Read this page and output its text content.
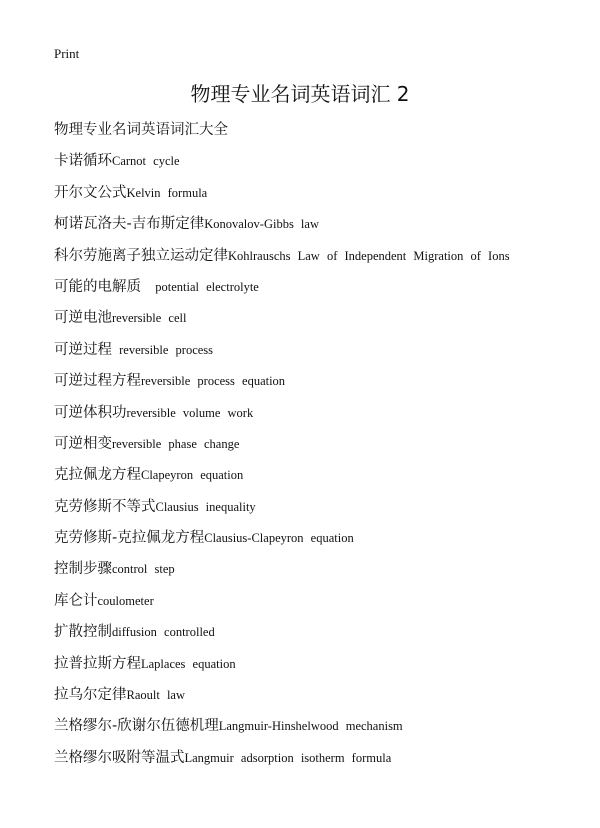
Print
物理专业名词英语词汇 2
物理专业名词英语词汇大全
卡诺循环Carnot cycle
开尔文公式Kelvin formula
柯诺瓦洛夫-吉布斯定律Konovalov-Gibbs law
科尔劳施离子独立运动定律Kohlrauschs Law of Independent Migration of Ions
可能的电解质  potential electrolyte
可逆电池reversible cell
可逆过程 reversible process
可逆过程方程reversible process equation
可逆体积功reversible volume work
可逆相变reversible phase change
克拉佩龙方程Clapeyron equation
克劳修斯不等式Clausius inequality
克劳修斯-克拉佩龙方程Clausius-Clapeyron equation
控制步骤control step
库仑计coulometer
扩散控制diffusion controlled
拉普拉斯方程Laplaces equation
拉乌尔定律Raoult law
兰格缪尔-欣谢尔伍德机理Langmuir-Hinshelwood mechanism
兰格缪尔吸附等温式Langmuir adsorption isotherm formula
